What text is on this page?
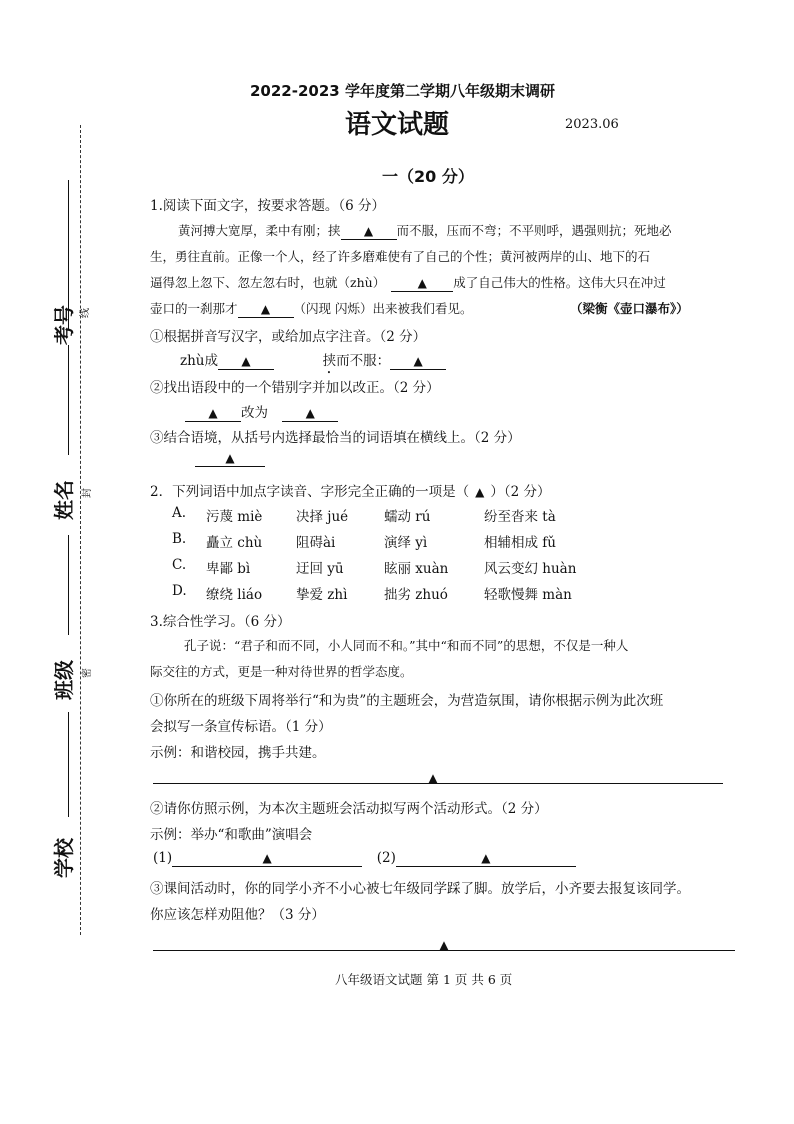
考号 线
姓名 封
班级 密
学校
2022-2023 学年度第二学期八年级期末调研
语文试题	2023.06
一（20 分）
1.阅读下面文字，按要求答题。（6 分）
黄河搏大宽厚，柔中有刚；挟 ▲ 而不服，压而不弯；不平则呼，遇强则抗；死地必
生，勇往直前。正像一个人，经了许多磨难使有了自己的个性；黄河被两岸的山、地下的石
逼得忽上忽下、忽左忽右时，也就（zhù）	▲ 成了自己伟大的性格。这伟大只在冲过
壶口的一刹那才 ▲ （闪现 闪烁）出来被我们看见。	（梁衡《壶口瀑布》）
①根据拼音写汉字，或给加点字注音。（2 分）
zhù成 ▲	挟而不服： ▲
②找出语段中的一个错别字并加以改正。（2 分）
▲ 改为	▲
③结合语境，从括号内选择最恰当的词语填在横线上。（2 分）
▲
2．下列词语中加点字读音、字形完全正确的一项是（ ▲ ）（2 分）
A. 污蔑 miè 决择 jué	蠕动 rú	纷至沓来 tà
B. 矗立 chù	阻碍ài	演绎 yì	相辅相成 fǔ
C. 卑鄙 bì	迂回 yū	眩丽 xuàn	风云变幻 huàn
D. 缭绕 liáo	挚爱 zhì	拙劣 zhuó	轻歌慢舞 màn
3.综合性学习。（6 分）
孔子说：“君子和而不同，小人同而不和。”其中“和而不同”的思想，不仅是一种人
际交往的方式，更是一种对待世界的哲学态度。
①你所在的班级下周将举行“和为贵”的主题班会，为营造氛围，请你根据示例为此次班
会拟写一条宣传标语。（1 分）
示例：和谐校园，携手共建。
▲
②请你仿照示例，为本次主题班会活动拟写两个活动形式。（2 分）
示例：举办“和歌曲”演唱会
(1)	▲	(2)	▲
③课间活动时，你的同学小齐不小心被七年级同学踩了脚。放学后，小齐要去报复该同学。
你应该怎样劝阻他？（3 分）
▲
八年级语文试题 第 1 页 共 6 页
